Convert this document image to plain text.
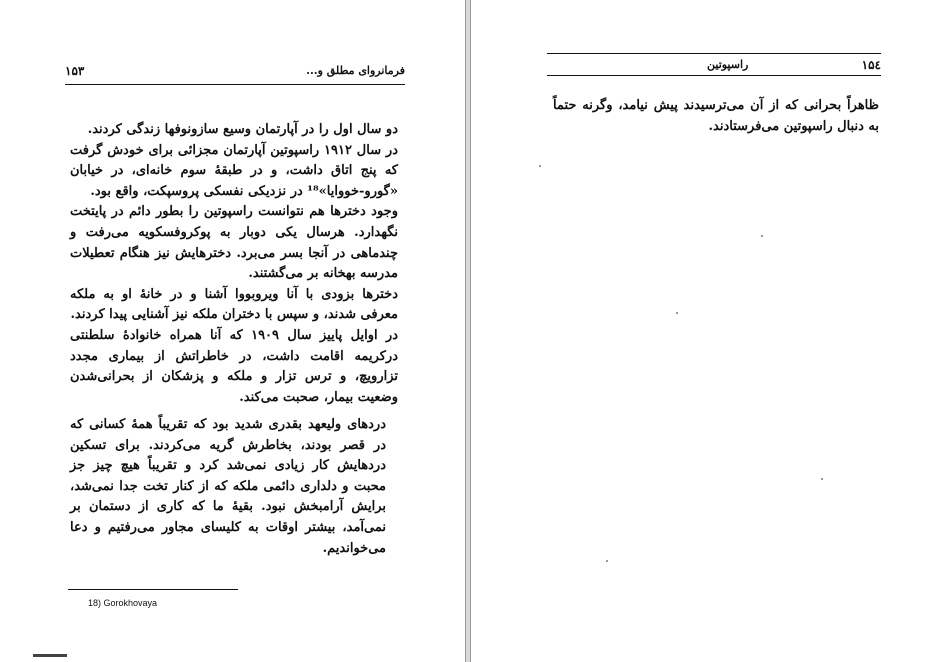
۱۵۳	فرمانروای مطلق و...

دو سال اول را در آپارتمان وسیع سازونوفها زندگی کردند.

در سال ۱۹۱۲ راسپوتین آپارتمان مجزائی برای خودش گرفت که پنج اتاق داشت، و در طبقهٔ سوم خانه‌ای، در خیابان «گورو-خووایا»¹⁸ در نزدیکی نفسکی پروسپکت، واقع بود.

وجود دخترها هم نتوانست راسپوتین را بطور دائم در پایتخت نگهدارد. هرسال یکی دوبار به پوکروفسکویه می‌رفت و چندماهی در آنجا بسر می‌برد. دخترهایش نیز هنگام تعطیلات مدرسه بهخانه بر می‌گشتند.

دخترها بزودی با آنا ویروبووا آشنا و در خانهٔ او به ملکه معرفی شدند، و سپس با دختران ملکه نیز آشنایی پیدا کردند.

در اوایل پاییز سال ۱۹۰۹ که آنا همراه خانوادهٔ سلطنتی درکریمه اقامت داشت، در خاطراتش از بیماری مجدد تزارویچ، و ترس تزار و ملکه و پزشکان از بحرانی‌شدن وضعیت بیمار، صحبت می‌کند.

دردهای ولیعهد بقدری شدید بود که تقریباً همهٔ کسانی که در قصر بودند، بخاطرش گریه می‌کردند. برای تسکین دردهایش کار زیادی نمی‌شد کرد و تقریباً هیچ چیز جز محبت و دلداری دائمی ملکه که از کنار تخت جدا نمی‌شد، برایش آرامبخش نبود. بقیهٔ ما که کاری از دستمان بر نمی‌آمد، بیشتر اوقات به کلیسای مجاور می‌رفتیم و دعا می‌خواندیم.

18) Gorokhovaya
۱۵٤
راسپوتین

ظاهراً بحرانی که از آن می‌ترسیدند پیش نیامد، وگرنه حتماً به دنبال راسپوتین می‌فرستادند.
